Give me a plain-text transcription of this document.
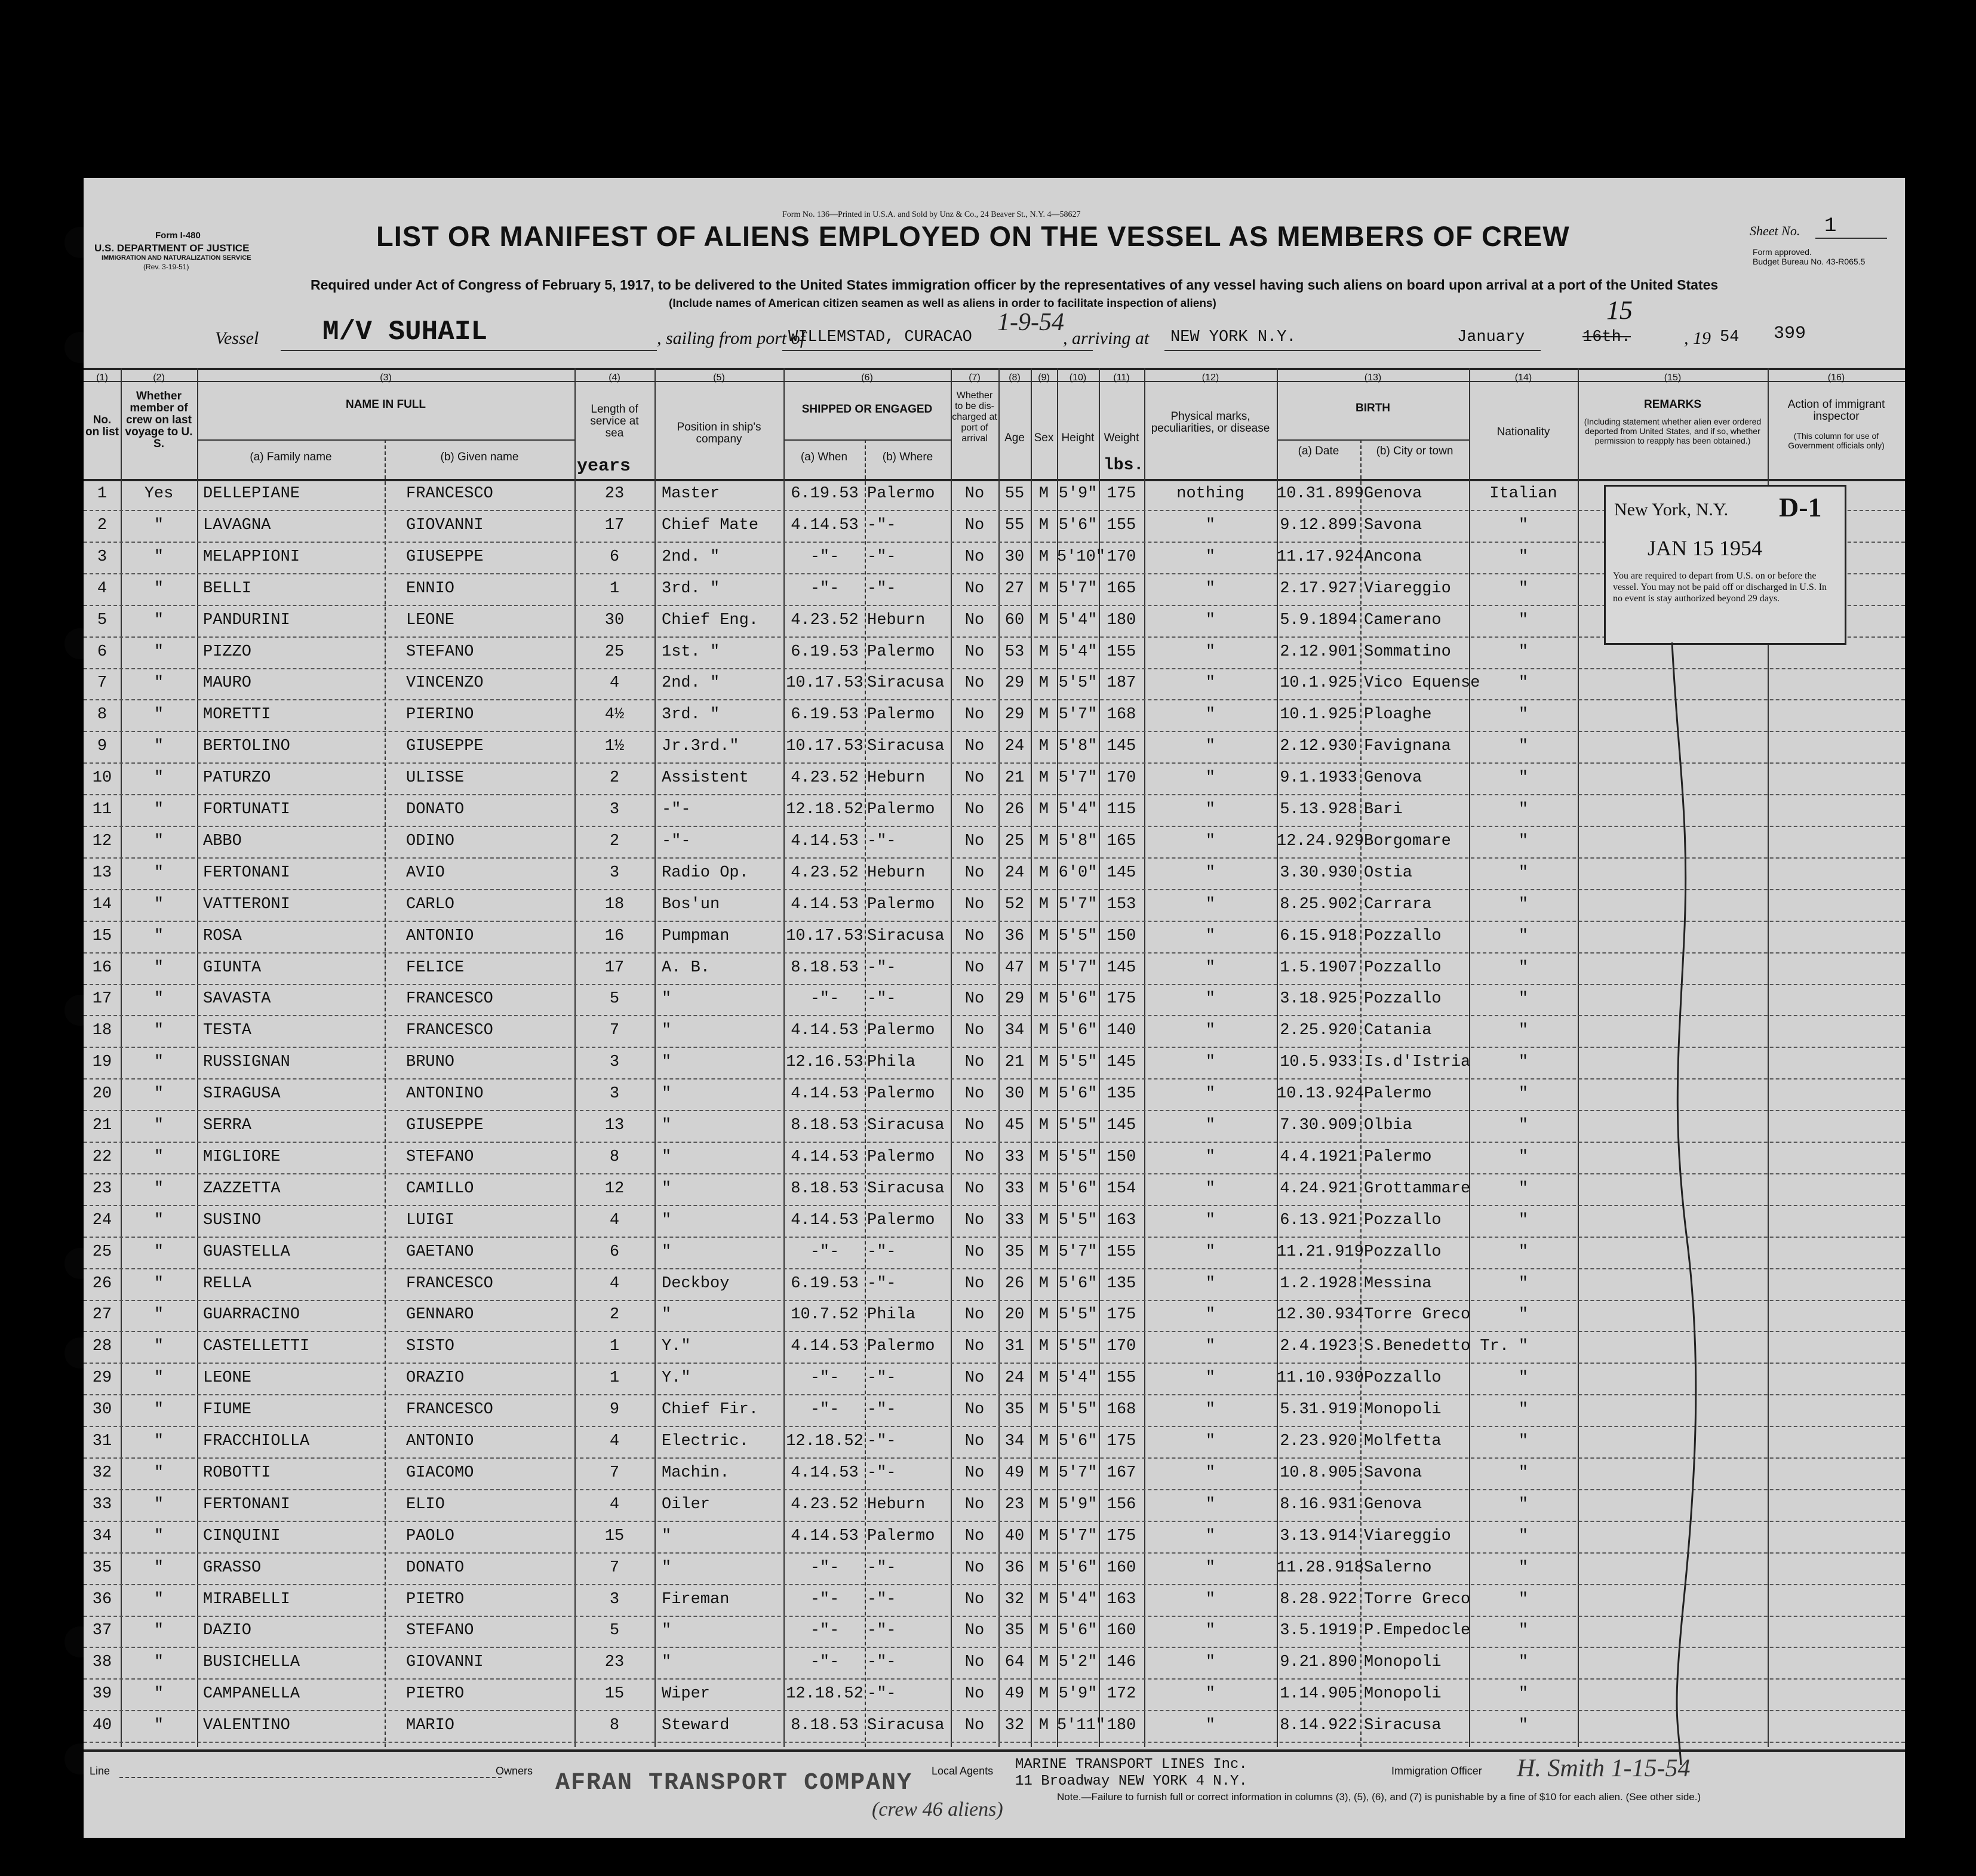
Form No. 136—Printed in U.S.A. and Sold by Unz & Co., 24 Beaver St., N.Y. 4—58627
Form I-480
U.S. DEPARTMENT OF JUSTICE
IMMIGRATION AND NATURALIZATION SERVICE
(Rev. 3-19-51)
LIST OR MANIFEST OF ALIENS EMPLOYED ON THE VESSEL AS MEMBERS OF CREW	Sheet No. 1
Form approved.
Budget Bureau No. 43-R065.5
Required under Act of Congress of February 5, 1917, to be delivered to the United States immigration officer by the representatives of any vessel having such aliens on board upon arrival at a port of the United States
(Include names of American citizen seamen as well as aliens in order to facilitate inspection of aliens)
Vessel M/V SUHAIL	, sailing from port of
WILLEMSTAD, CURACAO
1-9-54
, arriving at NEW YORK N.Y.	January	16th.
15
, 19 54 399
(1)	(2)	(3)	(4)	(5)	(6)	(7)	(8)	(9)	(10)	(11)	(12)	(13)	(14)	(15)	(16)
No. on list
Whether member of crew on last voyage to U. S.
NAME IN FULL
(a) Family name	(b) Given name
Length of service at sea
years
Position in ship's company
SHIPPED OR ENGAGED
(a) When	(b) Where
Whether to be dis-charged at port of arrival	Age Sex Height Weight
lbs.
Physical marks, peculiarities, or disease
BIRTH
(a) Date	(b) City or town
Nationality
REMARKS
(Including statement whether alien ever ordered deported from United States, and if so, whether permission to reapply has been obtained.)
Action of immigrant inspector
(This column for use of Government officials only)
1	Yes	DELLEPIANE	FRANCESCO	23	Master	6.19.53 Palermo	No	55 M 5'9" 175	nothing	10.31.899 Genova	Italian
2	"	LAVAGNA	GIOVANNI	17	Chief Mate	4.14.53 -"-	No	55 M 5'6" 155	"	9.12.899 Savona	"
3	"	MELAPPIONI	GIUSEPPE	6	2nd. "	-"-	-"-	No	30 M 5'10" 170	"	11.17.924 Ancona	"
4	"	BELLI	ENNIO	1	3rd. "	-"-	-"-	No	27 M 5'7" 165	"	2.17.927 Viareggio	"
5	"	PANDURINI	LEONE	30	Chief Eng.	4.23.52 Heburn	No	60 M 5'4" 180	"	5.9.1894 Camerano	"
6	"	PIZZO	STEFANO	25	1st. "	6.19.53 Palermo	No	53 M 5'4" 155	"	2.12.901 Sommatino	"
7	"	MAURO	VINCENZO	4	2nd. "	10.17.53 Siracusa	No	29 M 5'5" 187	"	10.1.925 Vico Equense	"
8	"	MORETTI	PIERINO	4½	3rd. "	6.19.53 Palermo	No	29 M 5'7" 168	"	10.1.925 Ploaghe	"
9	"	BERTOLINO	GIUSEPPE	1½	Jr.3rd."	10.17.53 Siracusa	No	24 M 5'8" 145	"	2.12.930 Favignana	"
10	"	PATURZO	ULISSE	2	Assistent	4.23.52 Heburn	No	21 M 5'7" 170	"	9.1.1933 Genova	"
11	"	FORTUNATI	DONATO	3	-"-	12.18.52 Palermo	No	26 M 5'4" 115	"	5.13.928 Bari	"
12	"	ABBO	ODINO	2	-"-	4.14.53 -"-	No	25 M 5'8" 165	"	12.24.929 Borgomare	"
13	"	FERTONANI	AVIO	3	Radio Op.	4.23.52 Heburn	No	24 M 6'0" 145	"	3.30.930 Ostia	"
14	"	VATTERONI	CARLO	18	Bos'un	4.14.53 Palermo	No	52 M 5'7" 153	"	8.25.902 Carrara	"
15	"	ROSA	ANTONIO	16	Pumpman	10.17.53 Siracusa	No	36 M 5'5" 150	"	6.15.918 Pozzallo	"
16	"	GIUNTA	FELICE	17	A. B.	8.18.53 -"-	No	47 M 5'7" 145	"	1.5.1907 Pozzallo	"
17	"	SAVASTA	FRANCESCO	5	"	-"-	-"-	No	29 M 5'6" 175	"	3.18.925 Pozzallo	"
18	"	TESTA	FRANCESCO	7	"	4.14.53 Palermo	No	34 M 5'6" 140	"	2.25.920 Catania	"
19	"	RUSSIGNAN	BRUNO	3	"	12.16.53 Phila	No	21 M 5'5" 145	"	10.5.933 Is.d'Istria	"
20	"	SIRAGUSA	ANTONINO	3	"	4.14.53 Palermo	No	30 M 5'6" 135	"	10.13.924 Palermo	"
21	"	SERRA	GIUSEPPE	13	"	8.18.53 Siracusa	No	45 M 5'5" 145	"	7.30.909 Olbia	"
22	"	MIGLIORE	STEFANO	8	"	4.14.53 Palermo	No	33 M 5'5" 150	"	4.4.1921 Palermo	"
23	"	ZAZZETTA	CAMILLO	12	"	8.18.53 Siracusa	No	33 M 5'6" 154	"	4.24.921 Grottammare	"
24	"	SUSINO	LUIGI	4	"	4.14.53 Palermo	No	33 M 5'5" 163	"	6.13.921 Pozzallo	"
25	"	GUASTELLA	GAETANO	6	"	-"-	-"-	No	35 M 5'7" 155	"	11.21.919 Pozzallo	"
26	"	RELLA	FRANCESCO	4	Deckboy	6.19.53 -"-	No	26 M 5'6" 135	"	1.2.1928 Messina	"
27	"	GUARRACINO	GENNARO	2	"	10.7.52 Phila	No	20 M 5'5" 175	"	12.30.934 Torre Greco	"
28	"	CASTELLETTI	SISTO	1	Y."	4.14.53 Palermo	No	31 M 5'5" 170	"	2.4.1923 S.Benedetto Tr. "
29	"	LEONE	ORAZIO	1	Y."	-"-	-"-	No	24 M 5'4" 155	"	11.10.930 Pozzallo	"
30	"	FIUME	FRANCESCO	9	Chief Fir.	-"-	-"-	No	35 M 5'5" 168	"	5.31.919 Monopoli	"
31	"	FRACCHIOLLA	ANTONIO	4	Electric. 12.18.52 -"-	No	34 M 5'6" 175	"	2.23.920 Molfetta	"
32	"	ROBOTTI	GIACOMO	7	Machin.	4.14.53 -"-	No	49 M 5'7" 167	"	10.8.905 Savona	"
33	"	FERTONANI	ELIO	4	Oiler	4.23.52 Heburn	No	23 M 5'9" 156	"	8.16.931 Genova	"
34	"	CINQUINI	PAOLO	15	"	4.14.53 Palermo	No	40 M 5'7" 175	"	3.13.914 Viareggio	"
35	"	GRASSO	DONATO	7	"	-"-	-"-	No	36 M 5'6" 160	"	11.28.918 Salerno	"
36	"	MIRABELLI	PIETRO	3	Fireman	-"-	-"-	No	32 M 5'4" 163	"	8.28.922 Torre Greco	"
37	"	DAZIO	STEFANO	5	"	-"-	-"-	No	35 M 5'6" 160	"	3.5.1919 P.Empedocle	"
38	"	BUSICHELLA	GIOVANNI	23	"	-"-	-"-	No	64 M 5'2" 146	"	9.21.890 Monopoli	"
39	"	CAMPANELLA	PIETRO	15	Wiper	12.18.52 -"-	No	49 M 5'9" 172	"	1.14.905 Monopoli	"
40	"	VALENTINO	MARIO	8	Steward	8.18.53 Siracusa	No	32 M 5'11" 180	"	8.14.922 Siracusa	"
New York, N.Y. D-1
JAN 15 1954
You are required to depart from U.S. on or before the vessel. You may not be paid off or discharged in U.S. In no event is stay authorized beyond 29 days.
Line	Owners AFRAN TRANSPORT COMPANY Local Agents MARINE TRANSPORT LINES Inc.
11 Broadway NEW YORK 4 N.Y.
Immigration Officer H. Smith 1-15-54
(crew 46 aliens)
Note.—Failure to furnish full or correct information in columns (3), (5), (6), and (7) is punishable by a fine of $10 for each alien. (See other side.)
